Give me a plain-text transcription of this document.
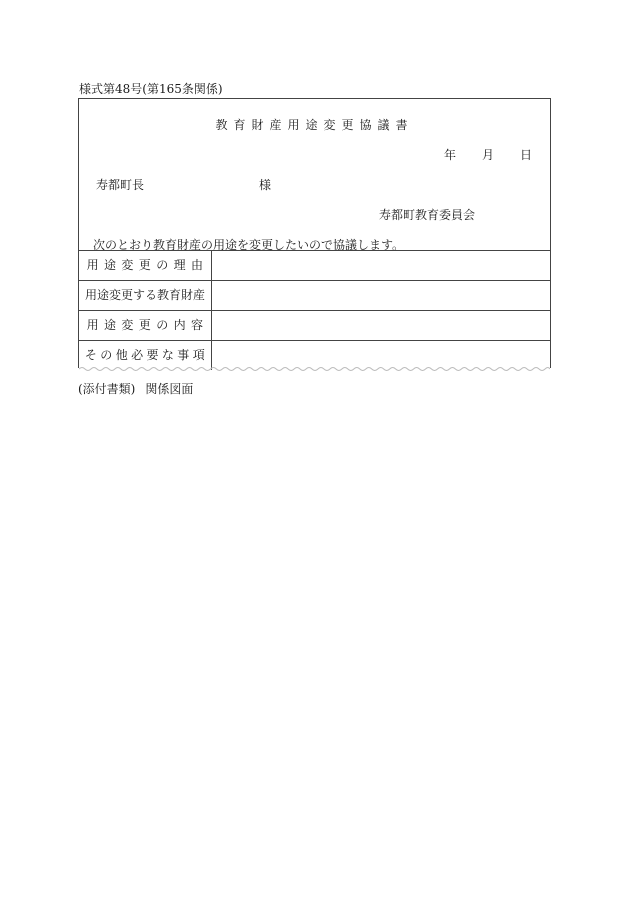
様式第48号(第165条関係)
教育財産用途変更協議書
年 月 日
寿都町長	様
寿都町教育委員会
次のとおり教育財産の用途を変更したいので協議します。
用途変更の理由
用途変更する教育財産
用途変更の内容
その他必要な事項
(添付書類) 関係図面
